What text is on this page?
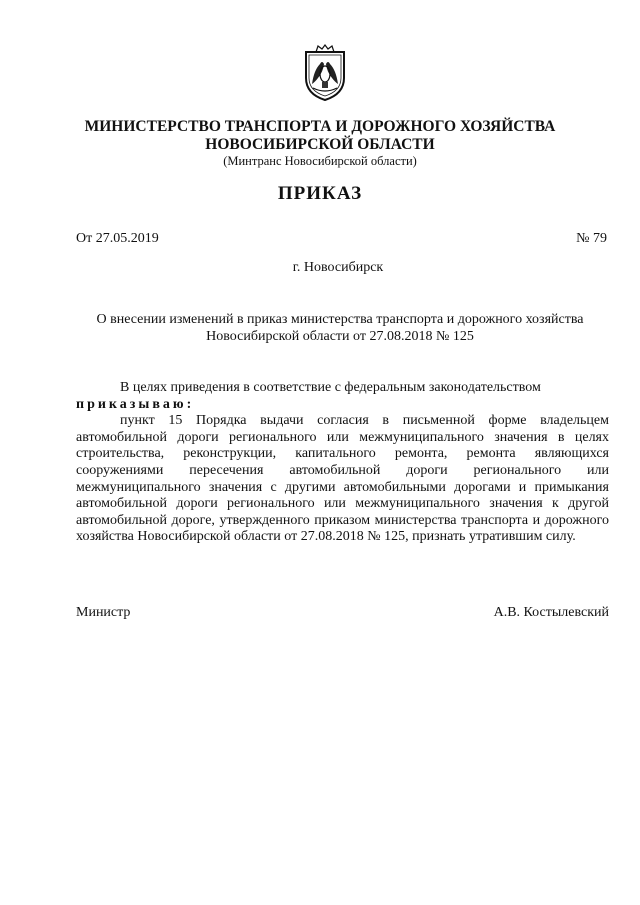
МИНИСТЕРСТВО ТРАНСПОРТА И ДОРОЖНОГО ХОЗЯЙСТВА
НОВОСИБИРСКОЙ ОБЛАСТИ
(Минтранс Новосибирской области)
ПРИКАЗ
От 27.05.2019	№ 79
г. Новосибирск
О внесении изменений в приказ министерства транспорта и дорожного хозяйства
Новосибирской области от 27.08.2018 № 125

В целях приведения в соответствие с федеральным законодательством

приказываю:

пункт 15 Порядка выдачи согласия в письменной форме владельцем автомобильной дороги регионального или межмуниципального значения в целях строительства, реконструкции, капитального ремонта, ремонта являющихся сооружениями пересечения автомобильной дороги регионального или межмуниципального значения с другими автомобильными дорогами и примыкания автомобильной дороги регионального или межмуниципального значения к другой автомобильной дороге, утвержденного приказом министерства транспорта и дорожного хозяйства Новосибирской области от 27.08.2018 № 125, признать утратившим силу.

Министр	А.В. Костылевский
